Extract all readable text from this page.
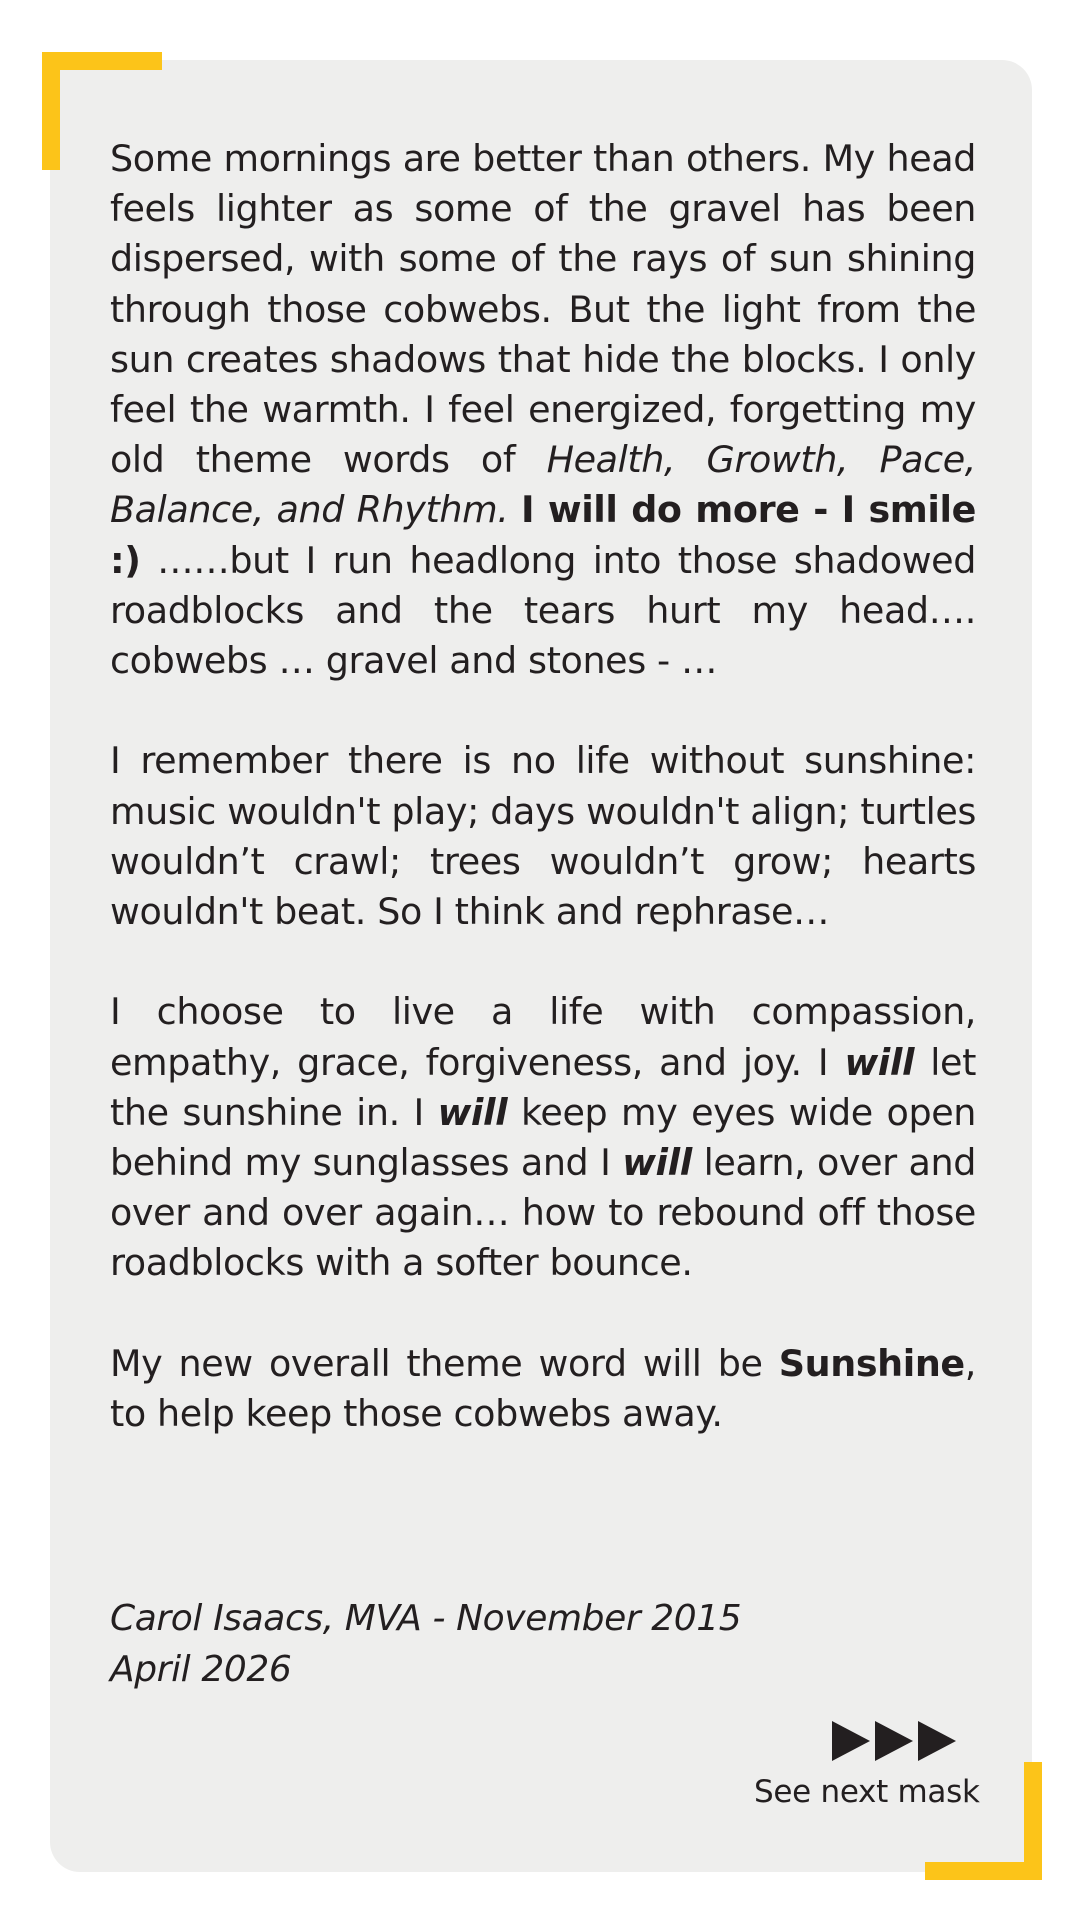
Some mornings are better than others. My head feels lighter as some of the gravel has been dispersed, with some of the rays of sun shining through those cobwebs. But the light from the sun creates shadows that hide the blocks. I only feel the warmth. I feel energized, forgetting my old theme words of Health, Growth, Pace, Balance, and Rhythm. I will do more - I smile :) ……but I run headlong into those shadowed roadblocks and the tears hurt my head…. cobwebs … gravel and stones - …

I remember there is no life without sunshine: music wouldn't play; days wouldn't align; turtles wouldn’t crawl; trees wouldn’t grow; hearts wouldn't beat. So I think and rephrase…

I choose to live a life with compassion, empathy, grace, forgiveness, and joy. I will let the sunshine in. I will keep my eyes wide open behind my sunglasses and I will learn, over and over and over again… how to rebound off those roadblocks with a softer bounce.

My new overall theme word will be Sunshine, to help keep those cobwebs away.

Carol Isaacs, MVA - November 2015
April 2026
See next mask
